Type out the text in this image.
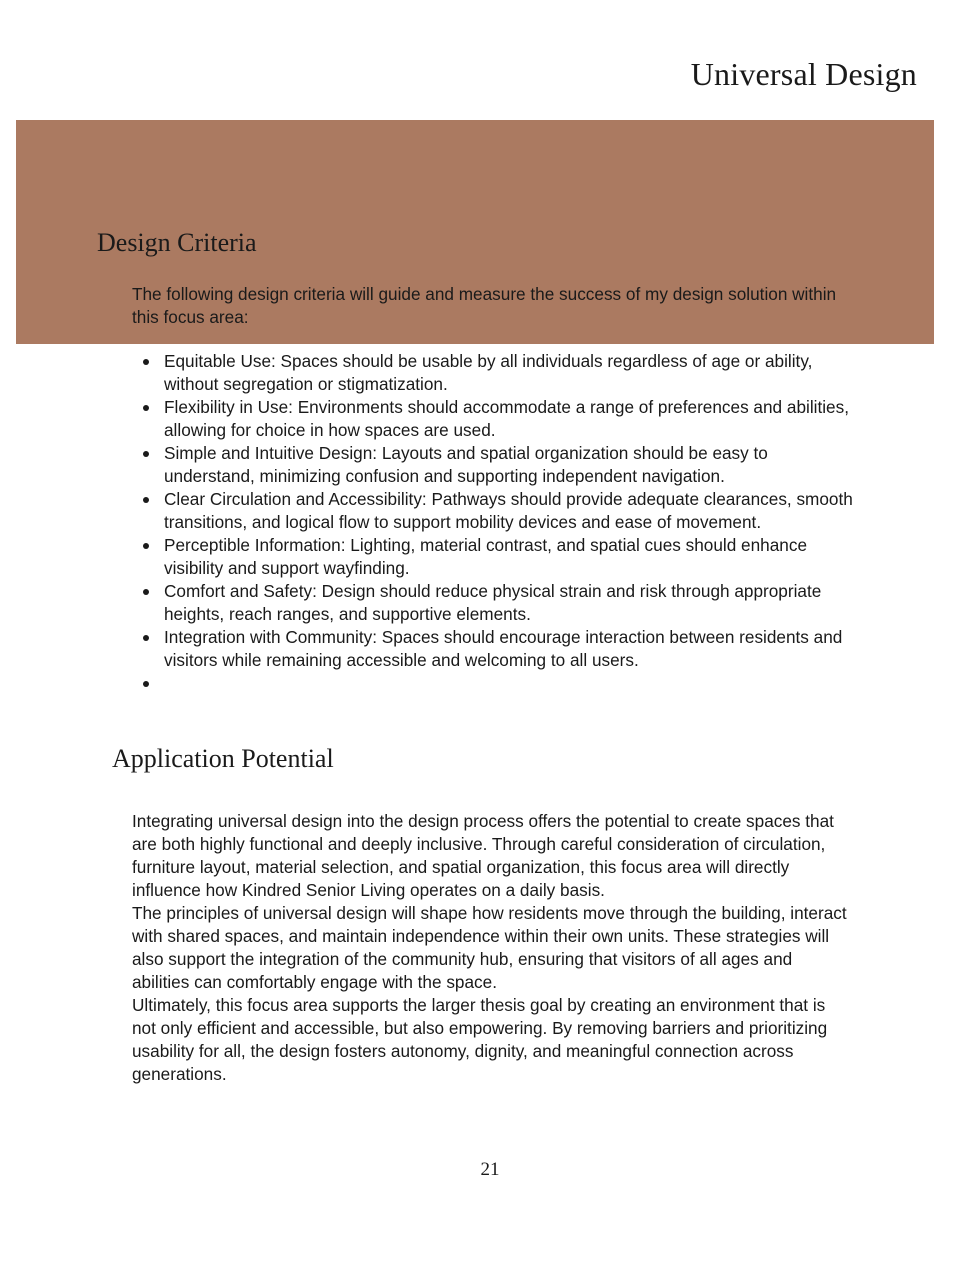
Universal Design
Design Criteria
The following design criteria will guide and measure the success of my design solution within this focus area:
Equitable Use: Spaces should be usable by all individuals regardless of age or ability, without segregation or stigmatization.
Flexibility in Use: Environments should accommodate a range of preferences and abilities, allowing for choice in how spaces are used.
Simple and Intuitive Design: Layouts and spatial organization should be easy to understand, minimizing confusion and supporting independent navigation.
Clear Circulation and Accessibility: Pathways should provide adequate clearances, smooth transitions, and logical flow to support mobility devices and ease of movement.
Perceptible Information: Lighting, material contrast, and spatial cues should enhance visibility and support wayfinding.
Comfort and Safety: Design should reduce physical strain and risk through appropriate heights, reach ranges, and supportive elements.
Integration with Community: Spaces should encourage interaction between residents and visitors while remaining accessible and welcoming to all users.
Application Potential

Integrating universal design into the design process offers the potential to create spaces that are both highly functional and deeply inclusive. Through careful consideration of circulation, furniture layout, material selection, and spatial organization, this focus area will directly influence how Kindred Senior Living operates on a daily basis.

The principles of universal design will shape how residents move through the building, interact with shared spaces, and maintain independence within their own units. These strategies will also support the integration of the community hub, ensuring that visitors of all ages and abilities can comfortably engage with the space.

Ultimately, this focus area supports the larger thesis goal by creating an environment that is not only efficient and accessible, but also empowering. By removing barriers and prioritizing usability for all, the design fosters autonomy, dignity, and meaningful connection across generations.

21
